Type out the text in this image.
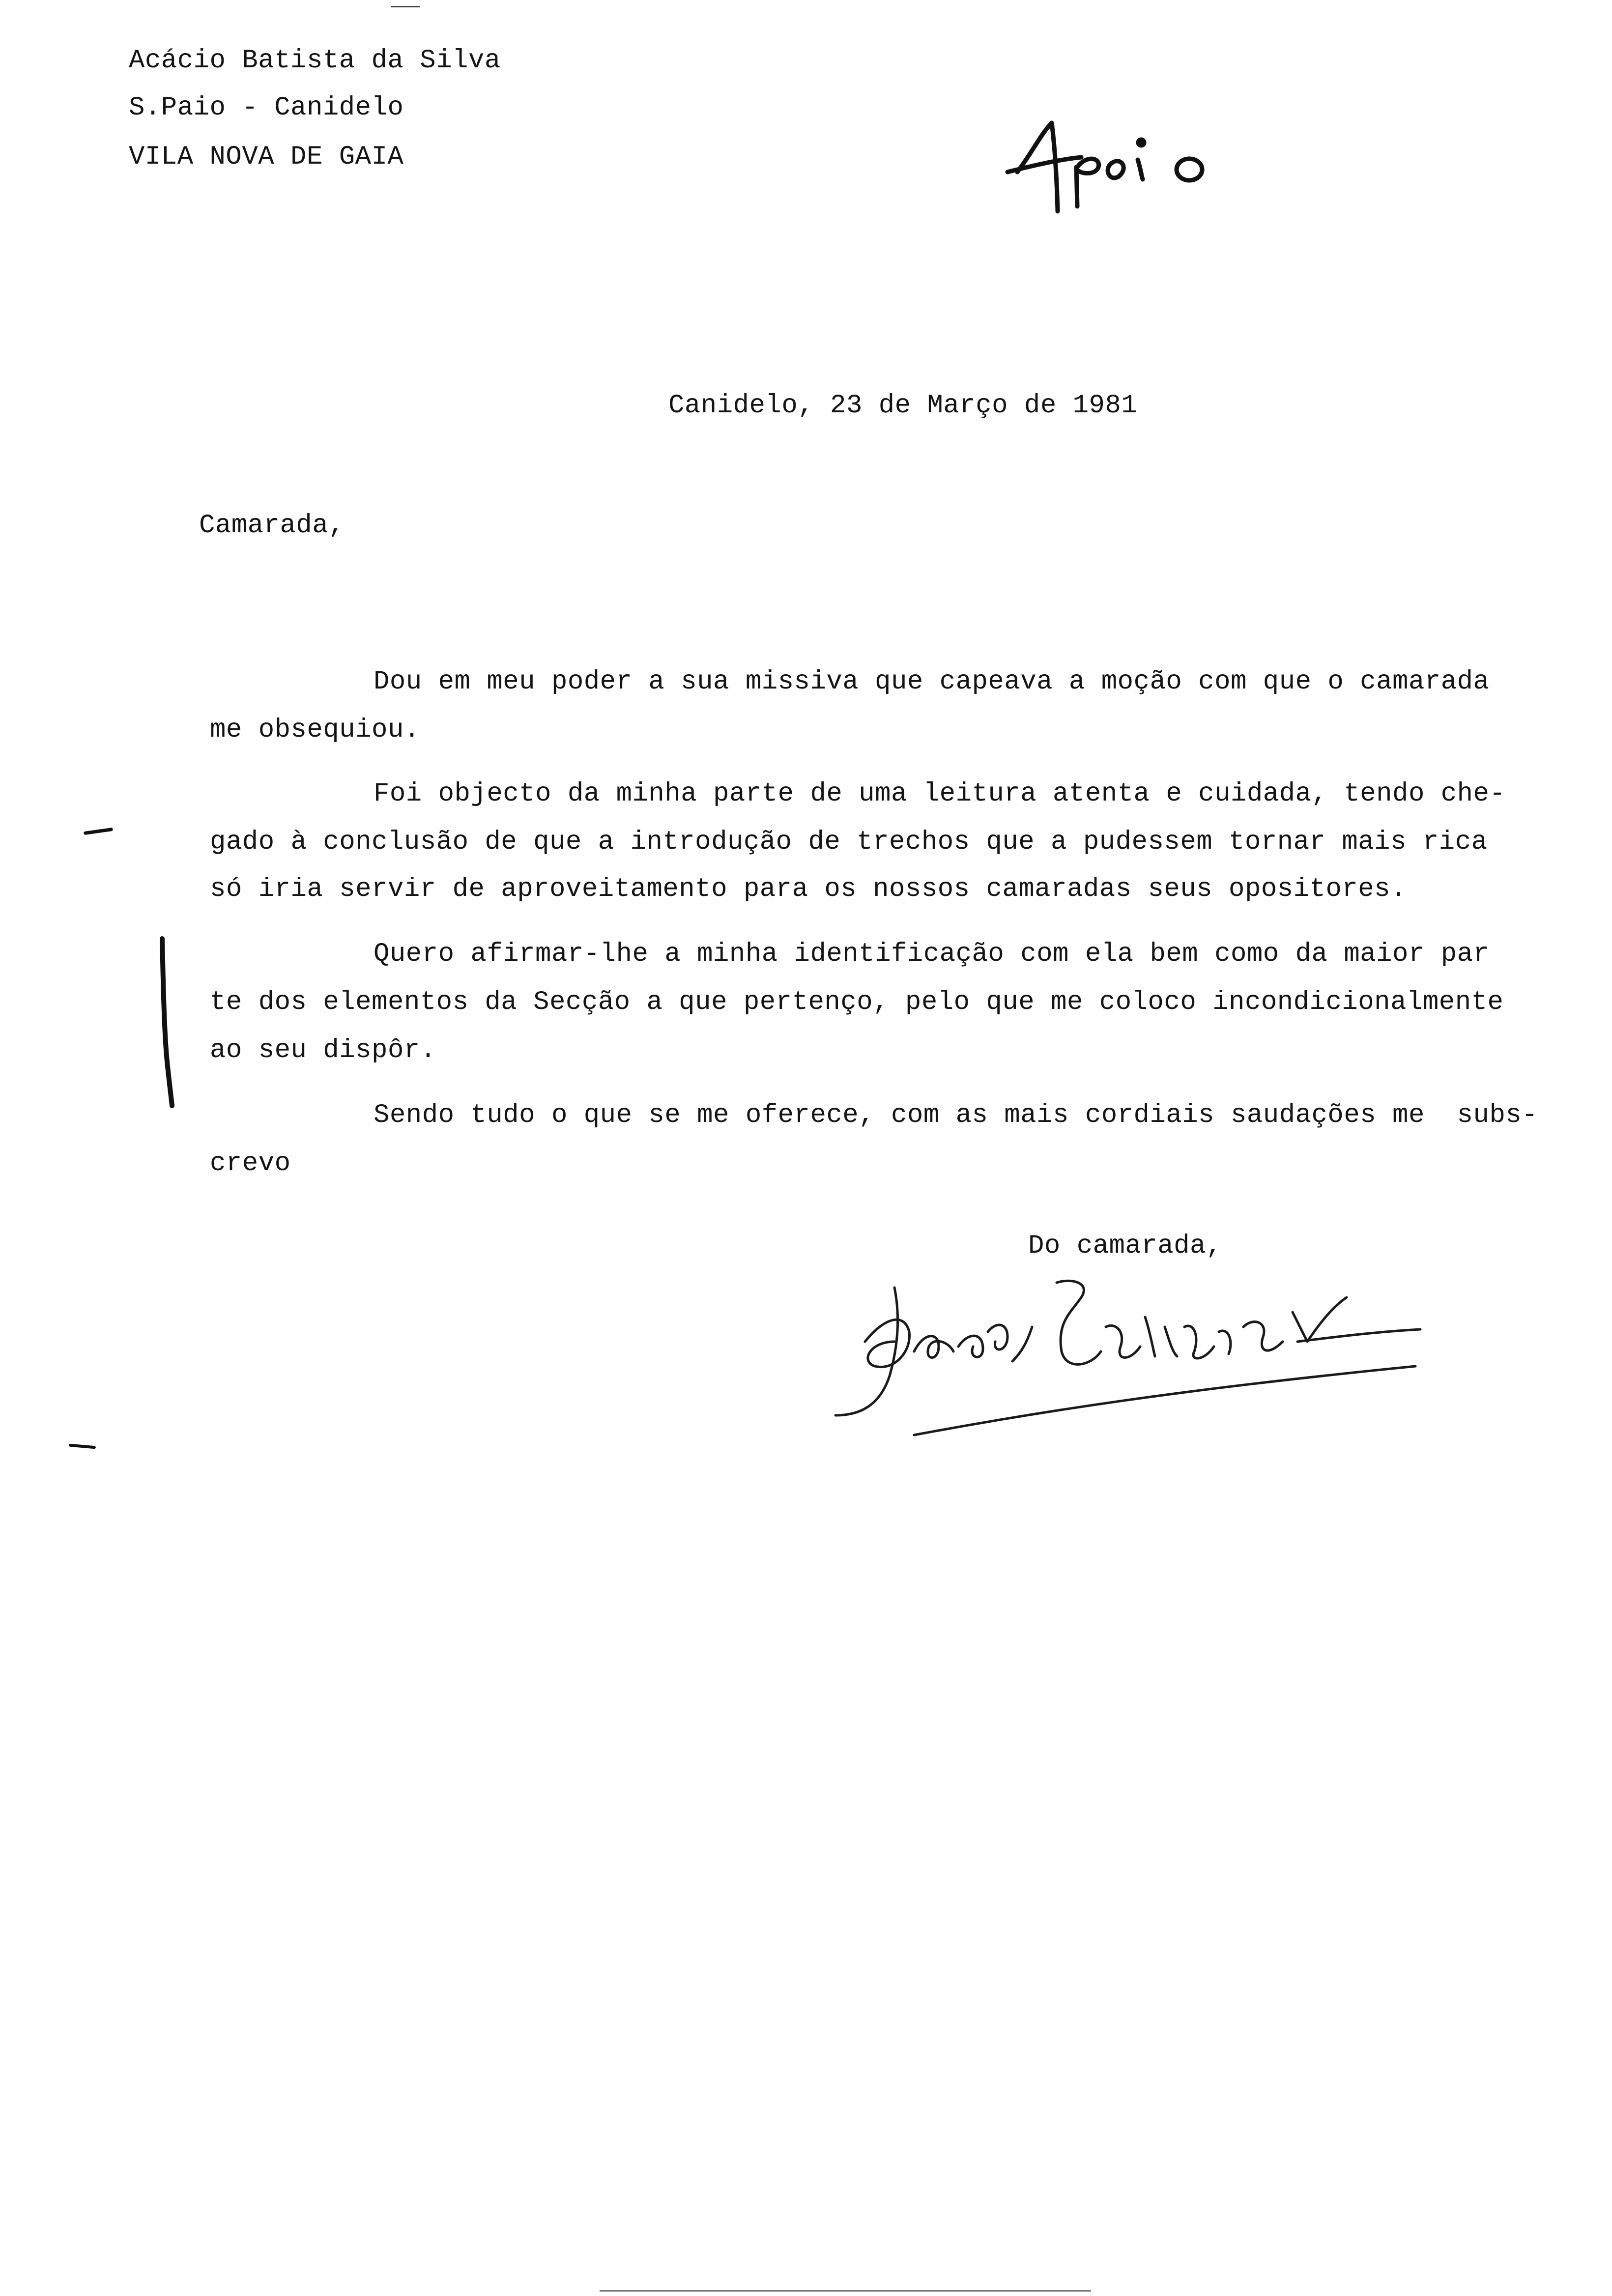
Acácio Batista da Silva
S.Paio - Canidelo
VILA NOVA DE GAIA
Canidelo, 23 de Março de 1981
Camarada,
Dou em meu poder a sua missiva que capeava a moção com que o camarada
me obsequiou.
Foi objecto da minha parte de uma leitura atenta e cuidada, tendo che-
gado à conclusão de que a introdução de trechos que a pudessem tornar mais rica
só iria servir de aproveitamento para os nossos camaradas seus opositores.
Quero afirmar-lhe a minha identificação com ela bem como da maior par
te dos elementos da Secção a que pertenço, pelo que me coloco incondicionalmente
ao seu dispôr.
Sendo tudo o que se me oferece, com as mais cordiais saudações me  subs-
crevo
Do camarada,
